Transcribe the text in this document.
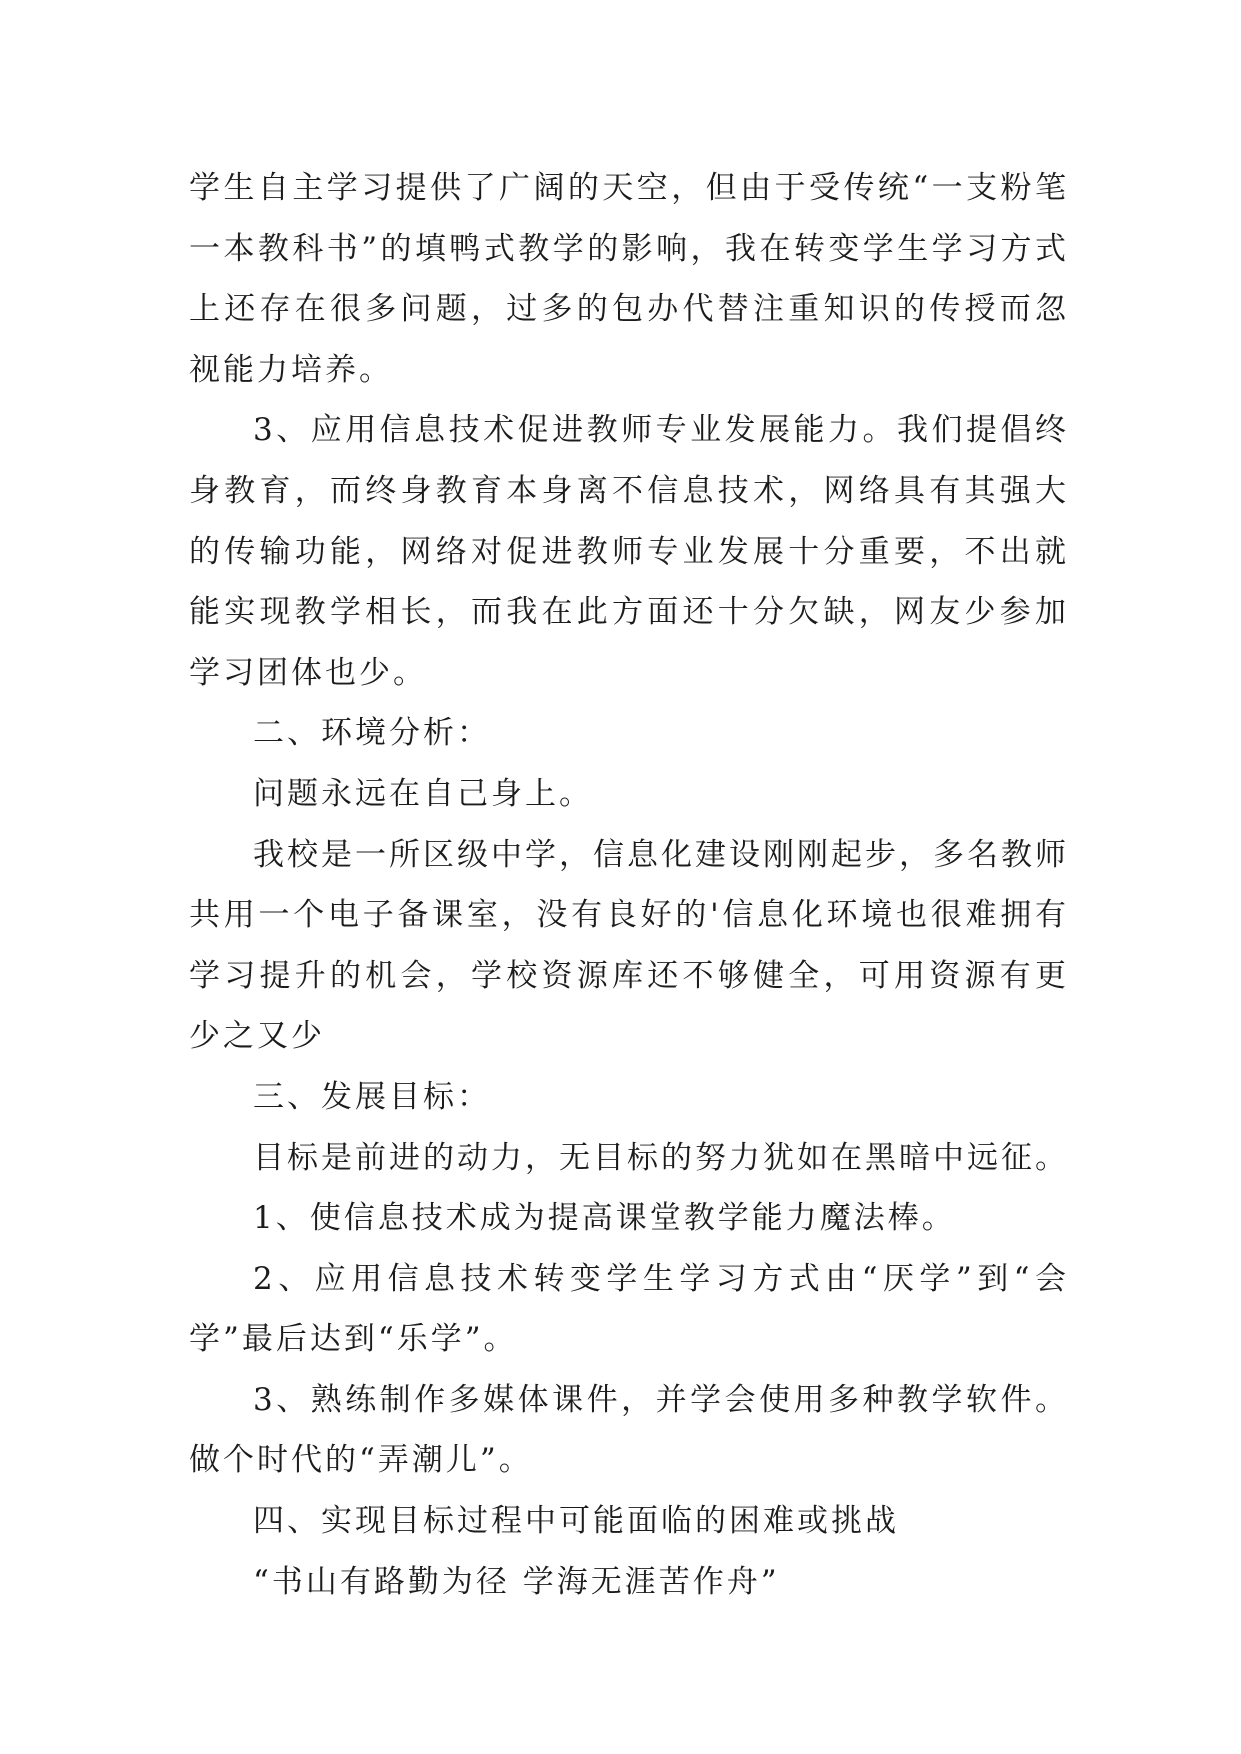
学生自主学习提供了广阔的天空，但由于受传统“一支粉笔一本教科书”的填鸭式教学的影响，我在转变学生学习方式上还存在很多问题，过多的包办代替注重知识的传授而忽视能力培养。

3、应用信息技术促进教师专业发展能力。我们提倡终身教育，而终身教育本身离不信息技术，网络具有其强大的传输功能，网络对促进教师专业发展十分重要，不出就能实现教学相长，而我在此方面还十分欠缺，网友少参加学习团体也少。

二、环境分析：

问题永远在自己身上。

我校是一所区级中学，信息化建设刚刚起步，多名教师共用一个电子备课室，没有良好的'信息化环境也很难拥有学习提升的机会，学校资源库还不够健全，可用资源有更少之又少

三、发展目标：

目标是前进的动力，无目标的努力犹如在黑暗中远征。

1、使信息技术成为提高课堂教学能力魔法棒。

2、应用信息技术转变学生学习方式由“厌学”到“会学”最后达到“乐学”。

3、熟练制作多媒体课件，并学会使用多种教学软件。做个时代的“弄潮儿”。

四、实现目标过程中可能面临的困难或挑战

“书山有路勤为径 学海无涯苦作舟”
